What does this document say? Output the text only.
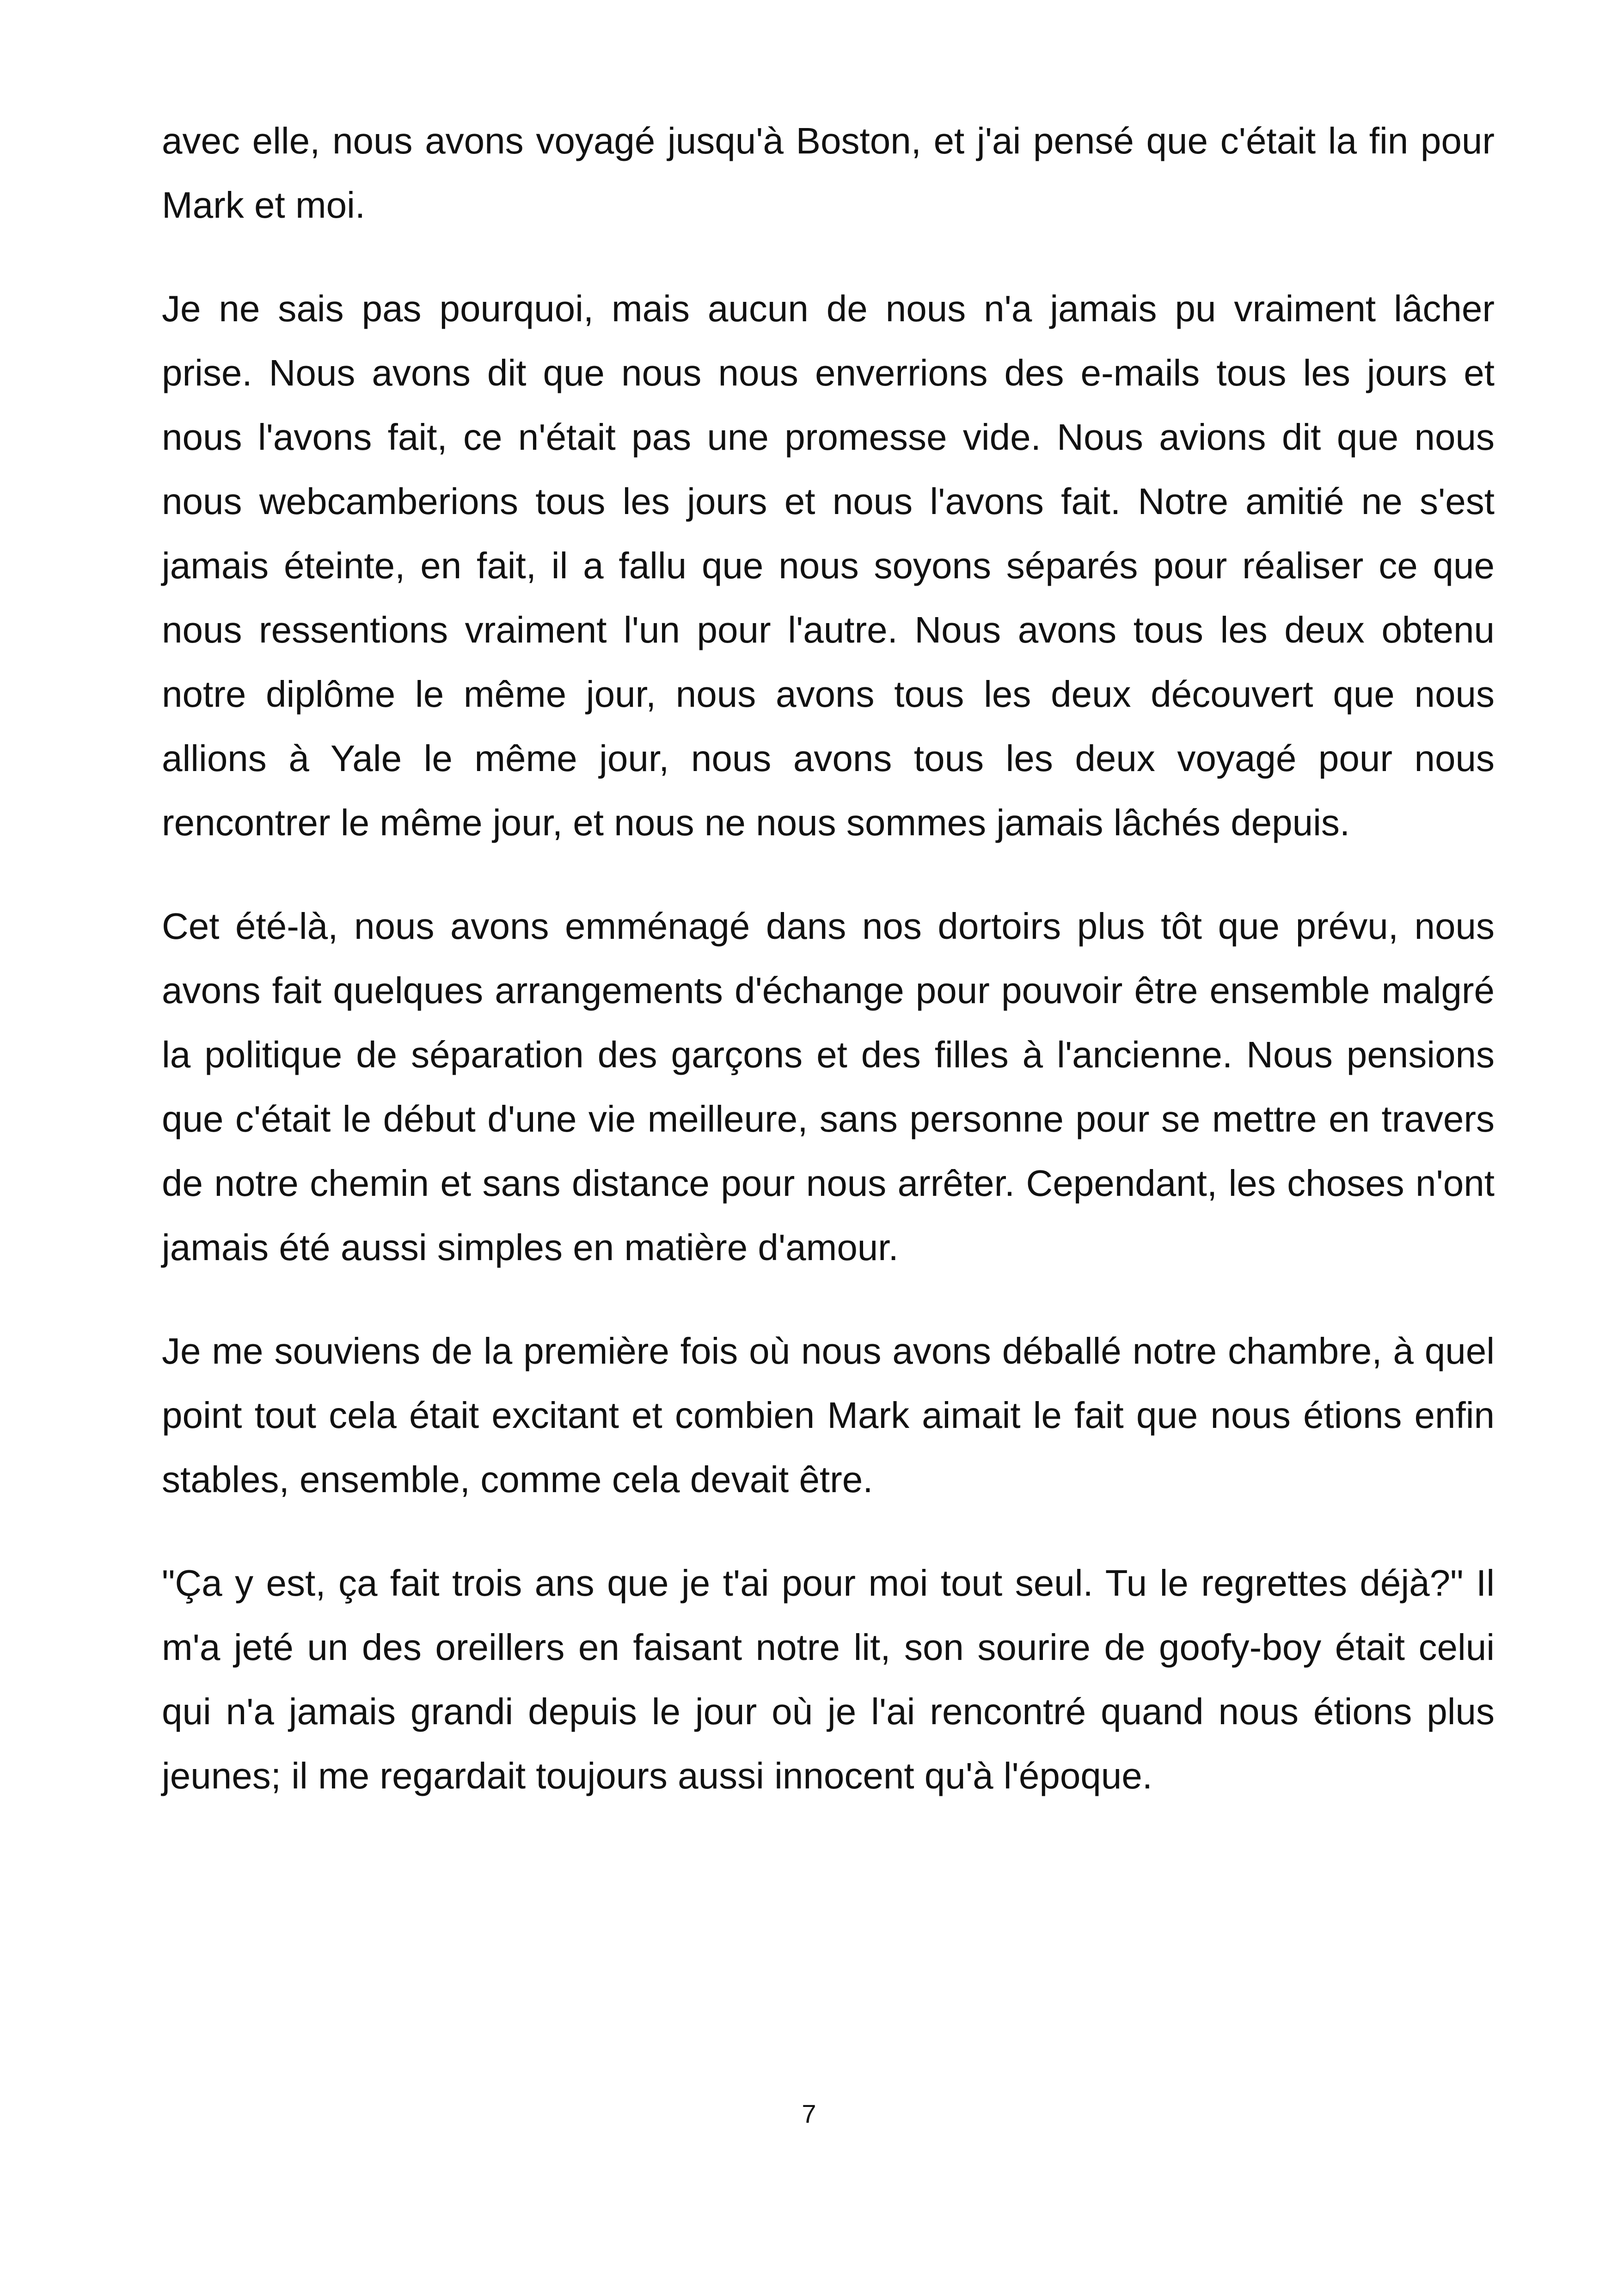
avec elle, nous avons voyagé jusqu'à Boston, et j'ai pensé que c'était la fin pour Mark et moi.

Je ne sais pas pourquoi, mais aucun de nous n'a jamais pu vraiment lâcher prise. Nous avons dit que nous nous enverrions des e-mails tous les jours et nous l'avons fait, ce n'était pas une promesse vide. Nous avions dit que nous nous webcamberions tous les jours et nous l'avons fait. Notre amitié ne s'est jamais éteinte, en fait, il a fallu que nous soyons séparés pour réaliser ce que nous ressentions vraiment l'un pour l'autre. Nous avons tous les deux obtenu notre diplôme le même jour, nous avons tous les deux découvert que nous allions à Yale le même jour, nous avons tous les deux voyagé pour nous rencontrer le même jour, et nous ne nous sommes jamais lâchés depuis.

Cet été-là, nous avons emménagé dans nos dortoirs plus tôt que prévu, nous avons fait quelques arrangements d'échange pour pouvoir être ensemble malgré la politique de séparation des garçons et des filles à l'ancienne. Nous pensions que c'était le début d'une vie meilleure, sans personne pour se mettre en travers de notre chemin et sans distance pour nous arrêter. Cependant, les choses n'ont jamais été aussi simples en matière d'amour.

Je me souviens de la première fois où nous avons déballé notre chambre, à quel point tout cela était excitant et combien Mark aimait le fait que nous étions enfin stables, ensemble, comme cela devait être.

"Ça y est, ça fait trois ans que je t'ai pour moi tout seul. Tu le regrettes déjà?" Il m'a jeté un des oreillers en faisant notre lit, son sourire de goofy-boy était celui qui n'a jamais grandi depuis le jour où je l'ai rencontré quand nous étions plus jeunes; il me regardait toujours aussi innocent qu'à l'époque.

7
